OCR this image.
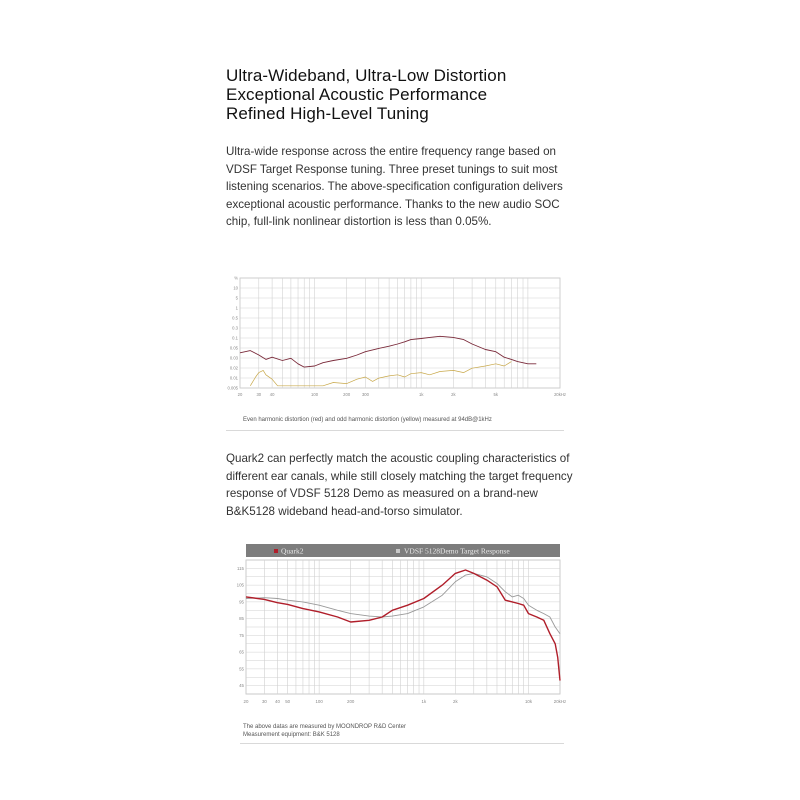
Ultra-Wideband, Ultra-Low Distortion
Exceptional Acoustic Performance
Refined High-Level Tuning
Ultra-wide response across the entire frequency range based on VDSF Target Response tuning. Three preset tunings to suit most listening scenarios. The above-specification configuration delivers exceptional acoustic performance. Thanks to the new audio SOC chip, full-link nonlinear distortion is less than 0.05%.
%
10
5
1
0.5
0.3
0.1
0.05
0.03
0.02
0.01
0.005
20	30 40	100	200	300	1k	2k	5k	20kHz
Even harmonic distortion (red) and odd harmonic distortion (yellow) measured at 94dB@1kHz
Quark2 can perfectly match the acoustic coupling characteristics of different ear canals, while still closely matching the target frequency response of VDSF 5128 Demo as measured on a brand-new B&K5128 wideband head-and-torso simulator.
Quark2	VDSF 5128Demo Target Response
45
55
65
75
85
95
105
115
20	30 40 50	100	200	1k	2k	10k	20kHz
The above datas are measured by MOONDROP R&D Center
Measurement equipment: B&K 5128
